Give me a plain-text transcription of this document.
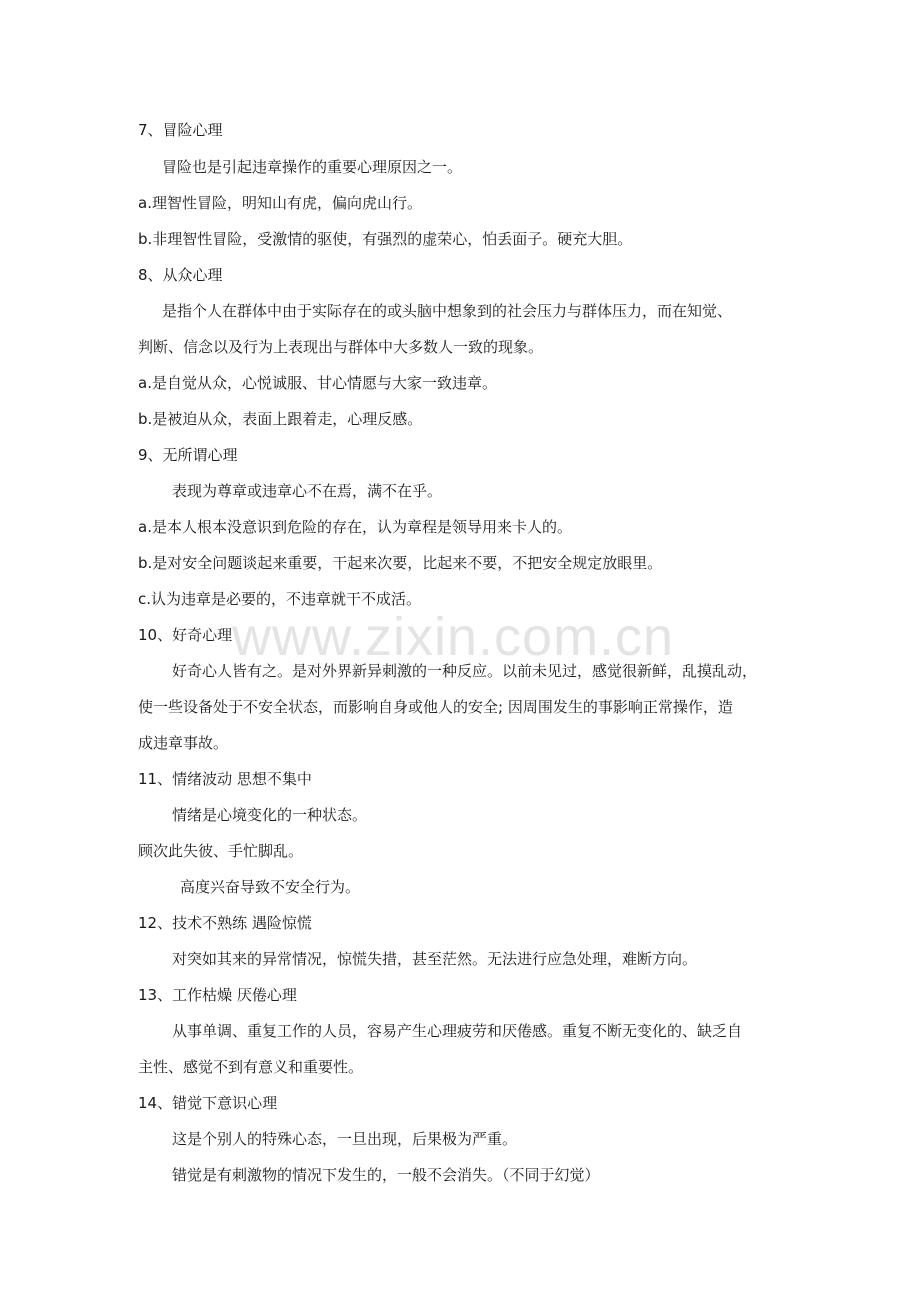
www.zixin.com.cn
7、冒险心理
冒险也是引起违章操作的重要心理原因之一。
a.理智性冒险，明知山有虎，偏向虎山行。
b.非理智性冒险，受激情的驱使，有强烈的虚荣心，怕丢面子。硬充大胆。
8、从众心理
是指个人在群体中由于实际存在的或头脑中想象到的社会压力与群体压力，而在知觉、
判断、信念以及行为上表现出与群体中大多数人一致的现象。
a.是自觉从众，心悦诚服、甘心情愿与大家一致违章。
b.是被迫从众，表面上跟着走，心理反感。
9、无所谓心理
表现为尊章或违章心不在焉，满不在乎。
a.是本人根本没意识到危险的存在，认为章程是领导用来卡人的。
b.是对安全问题谈起来重要，干起来次要，比起来不要，不把安全规定放眼里。
c.认为违章是必要的，不违章就干不成活。
10、好奇心理
好奇心人皆有之。是对外界新异刺激的一种反应。以前未见过，感觉很新鲜，乱摸乱动，
使一些设备处于不安全状态，而影响自身或他人的安全; 因周围发生的事影响正常操作，造
成违章事故。
11、情绪波动 思想不集中
情绪是心境变化的一种状态。
顾次此失彼、手忙脚乱。
高度兴奋导致不安全行为。
12、技术不熟练 遇险惊慌
对突如其来的异常情况，惊慌失措，甚至茫然。无法进行应急处理，难断方向。
13、工作枯燥 厌倦心理
从事单调、重复工作的人员，容易产生心理疲劳和厌倦感。重复不断无变化的、缺乏自
主性、感觉不到有意义和重要性。
14、错觉下意识心理
这是个别人的特殊心态，一旦出现，后果极为严重。
错觉是有刺激物的情况下发生的，一般不会消失。（不同于幻觉）
